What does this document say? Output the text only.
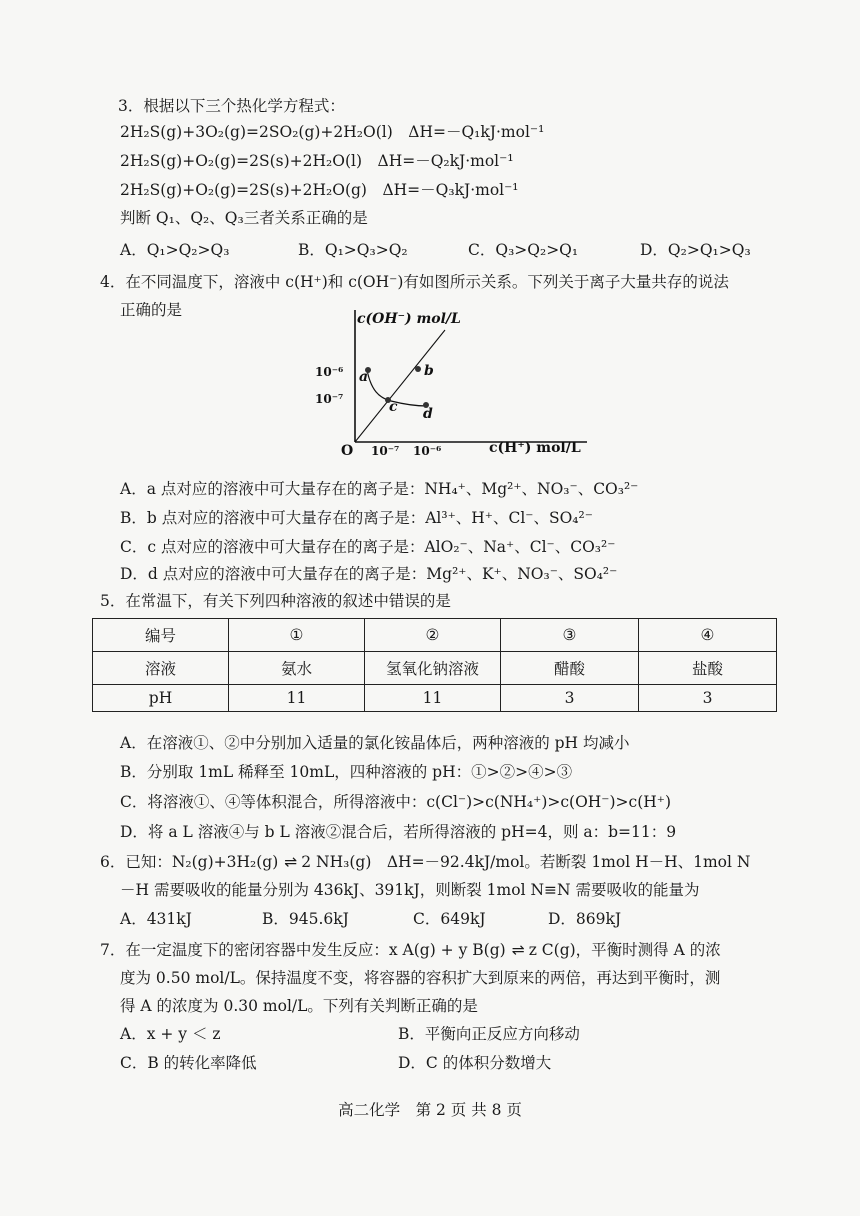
3．根据以下三个热化学方程式：
2H₂S(g)+3O₂(g)=2SO₂(g)+2H₂O(l)　ΔH=－Q₁kJ·mol⁻¹
2H₂S(g)+O₂(g)=2S(s)+2H₂O(l)　ΔH=－Q₂kJ·mol⁻¹
2H₂S(g)+O₂(g)=2S(s)+2H₂O(g)　ΔH=－Q₃kJ·mol⁻¹
判断 Q₁、Q₂、Q₃三者关系正确的是
A．Q₁>Q₂>Q₃	B．Q₁>Q₃>Q₂	C．Q₃>Q₂>Q₁	D．Q₂>Q₁>Q₃
4．在不同温度下，溶液中 c(H⁺)和 c(OH⁻)有如图所示关系。下列关于离子大量共存的说法
正确的是	c(OH⁻) mol/L
c(H⁺) mol/L
O
10⁻⁶
10⁻⁷
10⁻⁷ 10⁻⁶
a	b
c d
A．a 点对应的溶液中可大量存在的离子是：NH₄⁺、Mg²⁺、NO₃⁻、CO₃²⁻
B．b 点对应的溶液中可大量存在的离子是：Al³⁺、H⁺、Cl⁻、SO₄²⁻
C．c 点对应的溶液中可大量存在的离子是：AlO₂⁻、Na⁺、Cl⁻、CO₃²⁻
D．d 点对应的溶液中可大量存在的离子是：Mg²⁺、K⁺、NO₃⁻、SO₄²⁻
5．在常温下，有关下列四种溶液的叙述中错误的是
编号	①	②	③	④
溶液	氨水	氢氧化钠溶液	醋酸	盐酸
pH	11	11	3	3
A．在溶液①、②中分别加入适量的氯化铵晶体后，两种溶液的 pH 均减小
B．分别取 1mL 稀释至 10mL，四种溶液的 pH：①>②>④>③
C．将溶液①、④等体积混合，所得溶液中：c(Cl⁻)>c(NH₄⁺)>c(OH⁻)>c(H⁺)
D．将 a L 溶液④与 b L 溶液②混合后，若所得溶液的 pH=4，则 a：b=11：9
6．已知：N₂(g)+3H₂(g) ⇌ 2 NH₃(g)　ΔH=－92.4kJ/mol。若断裂 1mol H－H、1mol N
－H 需要吸收的能量分别为 436kJ、391kJ，则断裂 1mol N≡N 需要吸收的能量为
A．431kJ	B．945.6kJ	C．649kJ	D．869kJ
7．在一定温度下的密闭容器中发生反应：x A(g) + y B(g) ⇌ z C(g)，平衡时测得 A 的浓
度为 0.50 mol/L。保持温度不变，将容器的容积扩大到原来的两倍，再达到平衡时，测
得 A 的浓度为 0.30 mol/L。下列有关判断正确的是
A．x + y ＜ z	B．平衡向正反应方向移动
C．B 的转化率降低	D．C 的体积分数增大
高二化学　第 2 页 共 8 页
